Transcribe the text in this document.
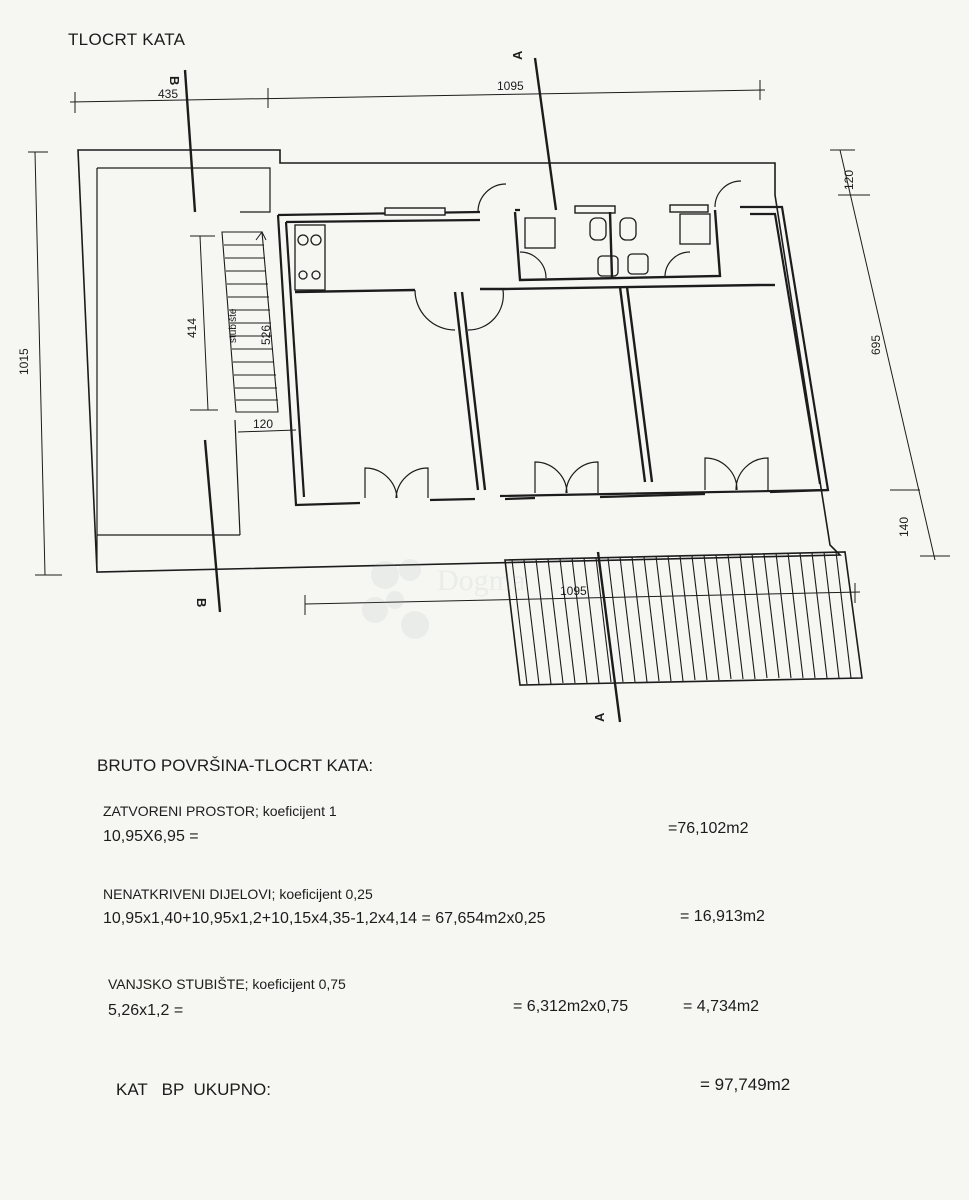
B
B
A
A
435
1095
1015
414	stubište 526
120
120
695
140
1095
Dogma
TLOCRT KATA
BRUTO POVRŠINA-TLOCRT KATA:
ZATVORENI PROSTOR; koeficijent 1
10,95X6,95 =	=76,102m2
NENATKRIVENI DIJELOVI; koeficijent 0,25
10,95x1,40+10,95x1,2+10,15x4,35-1,2x4,14 = 67,654m2x0,25	= 16,913m2
VANJSKO STUBIŠTE; koeficijent 0,75
5,26x1,2 =	= 6,312m2x0,75	= 4,734m2
KAT   BP  UKUPNO:	= 97,749m2
